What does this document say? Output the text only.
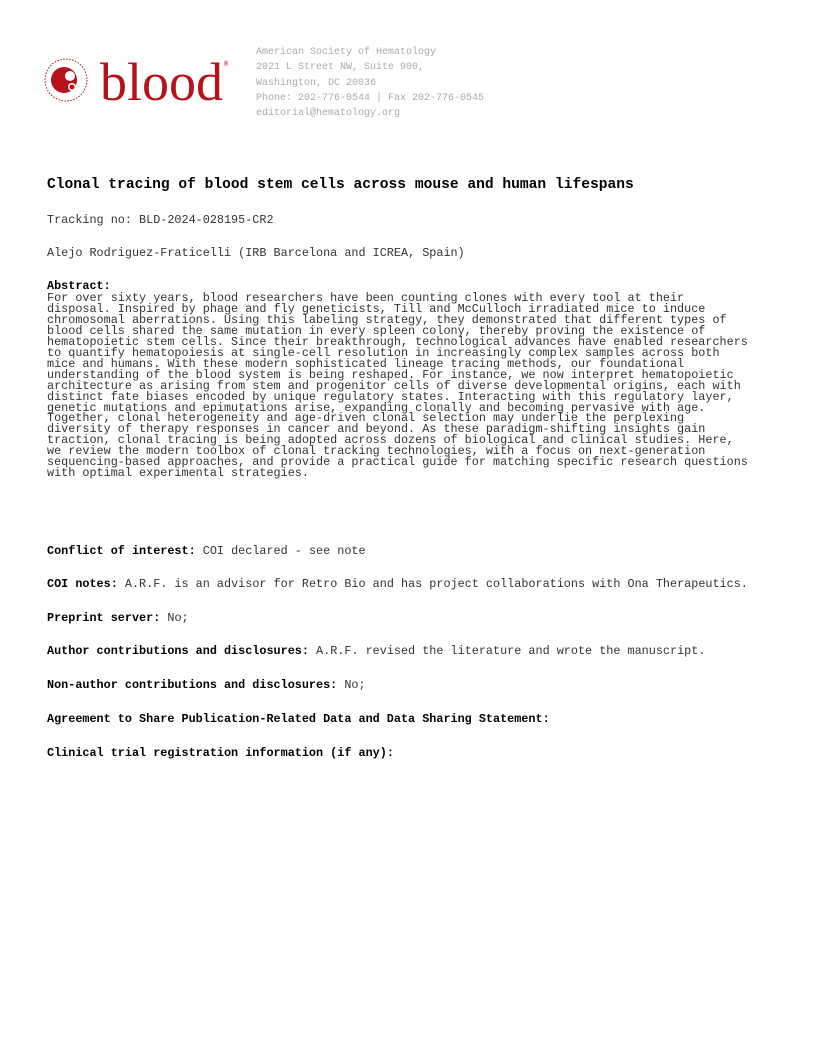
blood ®
American Society of Hematology
2021 L Street NW, Suite 900,
Washington, DC 20036
Phone: 202-776-0544 | Fax 202-776-0545
editorial@hematology.org
Clonal tracing of blood stem cells across mouse and human lifespans
Tracking no: BLD-2024-028195-CR2
Alejo Rodriguez-Fraticelli (IRB Barcelona and ICREA, Spain)
Abstract:
For over sixty years, blood researchers have been counting clones with every tool at their
disposal. Inspired by phage and fly geneticists, Till and McCulloch irradiated mice to induce
chromosomal aberrations. Using this labeling strategy, they demonstrated that different types of
blood cells shared the same mutation in every spleen colony, thereby proving the existence of
hematopoietic stem cells. Since their breakthrough, technological advances have enabled researchers
to quantify hematopoiesis at single-cell resolution in increasingly complex samples across both
mice and humans. With these modern sophisticated lineage tracing methods, our foundational
understanding of the blood system is being reshaped. For instance, we now interpret hematopoietic
architecture as arising from stem and progenitor cells of diverse developmental origins, each with
distinct fate biases encoded by unique regulatory states. Interacting with this regulatory layer,
genetic mutations and epimutations arise, expanding clonally and becoming pervasive with age.
Together, clonal heterogeneity and age-driven clonal selection may underlie the perplexing
diversity of therapy responses in cancer and beyond. As these paradigm-shifting insights gain
traction, clonal tracing is being adopted across dozens of biological and clinical studies. Here,
we review the modern toolbox of clonal tracking technologies, with a focus on next-generation
sequencing-based approaches, and provide a practical guide for matching specific research questions
with optimal experimental strategies.
Conflict of interest: COI declared - see note
COI notes: A.R.F. is an advisor for Retro Bio and has project collaborations with Ona Therapeutics.
Preprint server: No;
Author contributions and disclosures: A.R.F. revised the literature and wrote the manuscript.
Non-author contributions and disclosures: No;
Agreement to Share Publication-Related Data and Data Sharing Statement:
Clinical trial registration information (if any):
